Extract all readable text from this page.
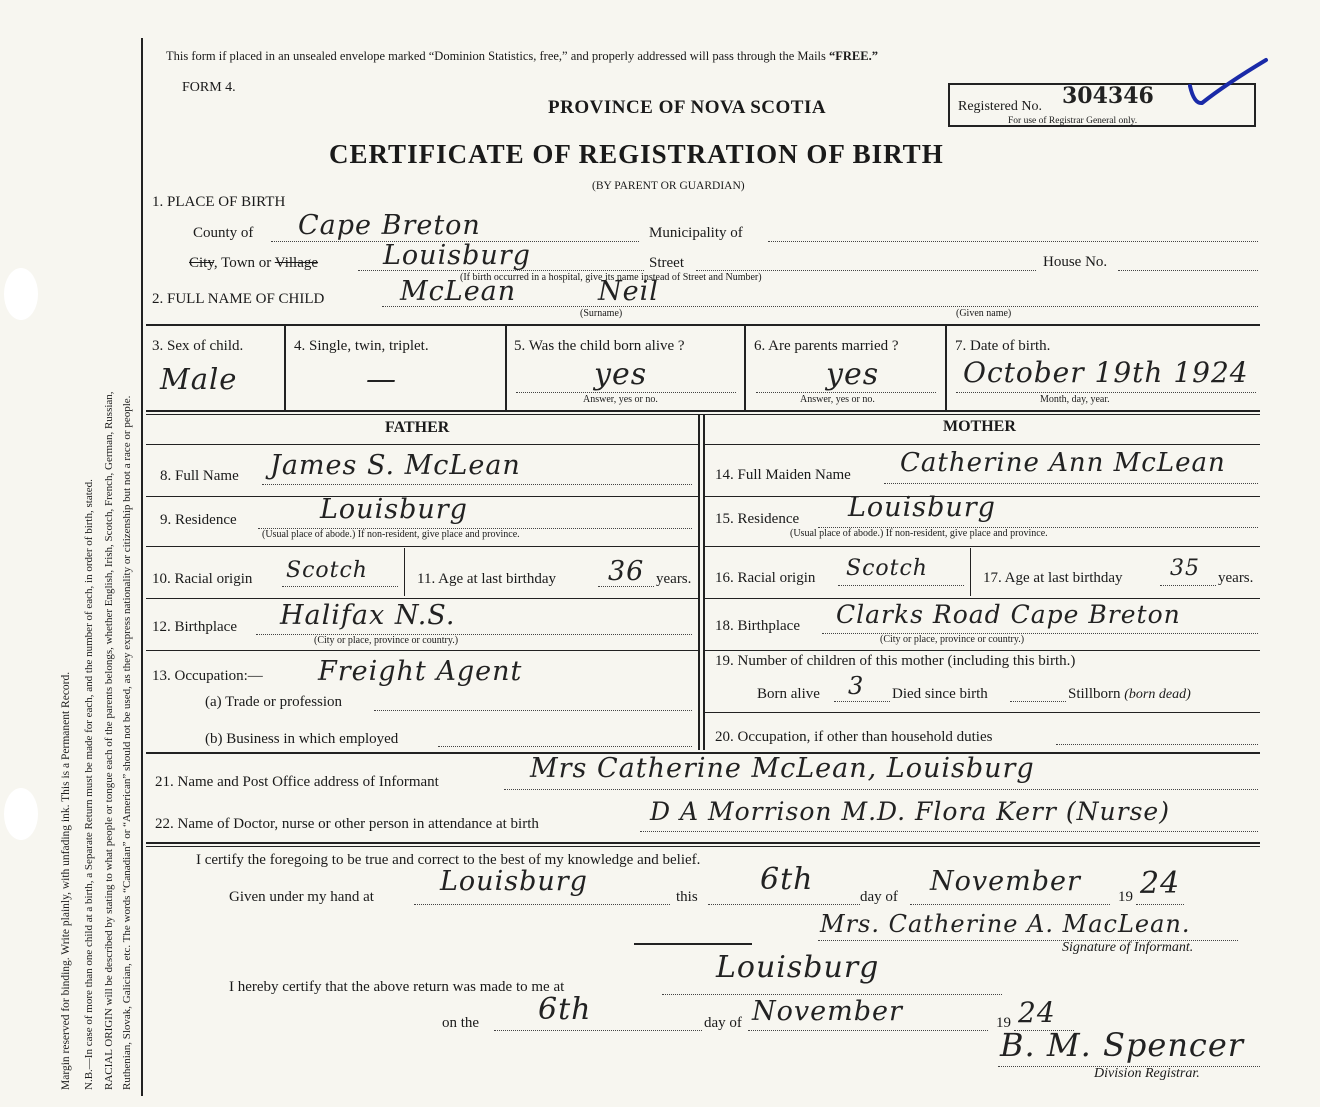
Margin reserved for binding. Write plainly, with unfading ink. This is a Permanent Record. N.B.—In case of more than one child at a birth, a Separate Return must be made for each, and the number of each, in order of birth, stated. RACIAL ORIGIN will be described by stating to what people or tongue each of the parents belongs, whether English, Irish, Scotch, French, German, Russian, Ruthenian, Slovak, Galician, etc. The words “Canadian” or “American” should not be used, as they express nationality or citizenship but not a race or people.
This form if placed in an unsealed envelope marked “Dominion Statistics, free,” and properly addressed will pass through the Mails “FREE.”
FORM 4.
PROVINCE OF NOVA SCOTIA	Registered No. 304346
For use of Registrar General only.
CERTIFICATE OF REGISTRATION OF BIRTH
(BY PARENT OR GUARDIAN)
1. PLACE OF BIRTH
County of Cape Breton	Municipality of
City, Town or Village Louisburg	Street	House No.
(If birth occurred in a hospital, give its name instead of Street and Number)
2. FULL NAME OF CHILD	McLean	Neil
(Surname)	(Given name)
3. Sex of child.
Male
4. Single, twin, triplet.
—
5. Was the child born alive ?
yes
Answer, yes or no.
6. Are parents married ?
yes
Answer, yes or no.
7. Date of birth.
October 19th 1924
Month, day, year.
FATHER	MOTHER
8. Full Name James S. McLean
9. Residence	Louisburg
(Usual place of abode.) If non-resident, give place and province.
10. Racial origin Scotch	11. Age at last birthday 36 years.
12. Birthplace Halifax N.S.
(City or place, province or country.)
13. Occupation:— Freight Agent
(a) Trade or profession
(b) Business in which employed
14. Full Maiden Name Catherine Ann McLean
15. Residence Louisburg
(Usual place of abode.) If non-resident, give place and province.
16. Racial origin Scotch	17. Age at last birthday 35 years.
18. Birthplace Clarks Road Cape Breton
(City or place, province or country.)
19. Number of children of this mother (including this birth.)
Born alive 3 Died since birth	Stillborn (born dead)
20. Occupation, if other than household duties
21. Name and Post Office address of Informant	Mrs Catherine McLean, Louisburg
22. Name of Doctor, nurse or other person in attendance at birth	D A Morrison M.D. Flora Kerr (Nurse)
I certify the foregoing to be true and correct to the best of my knowledge and belief.
Given under my hand at Louisburg	this 6th	day of November 19 24
Mrs. Catherine A. MacLean.
Signature of Informant.
I hereby certify that the above return was made to me at
Louisburg
on the 6th	day of November	19 24
B. M. Spencer
Division Registrar.
